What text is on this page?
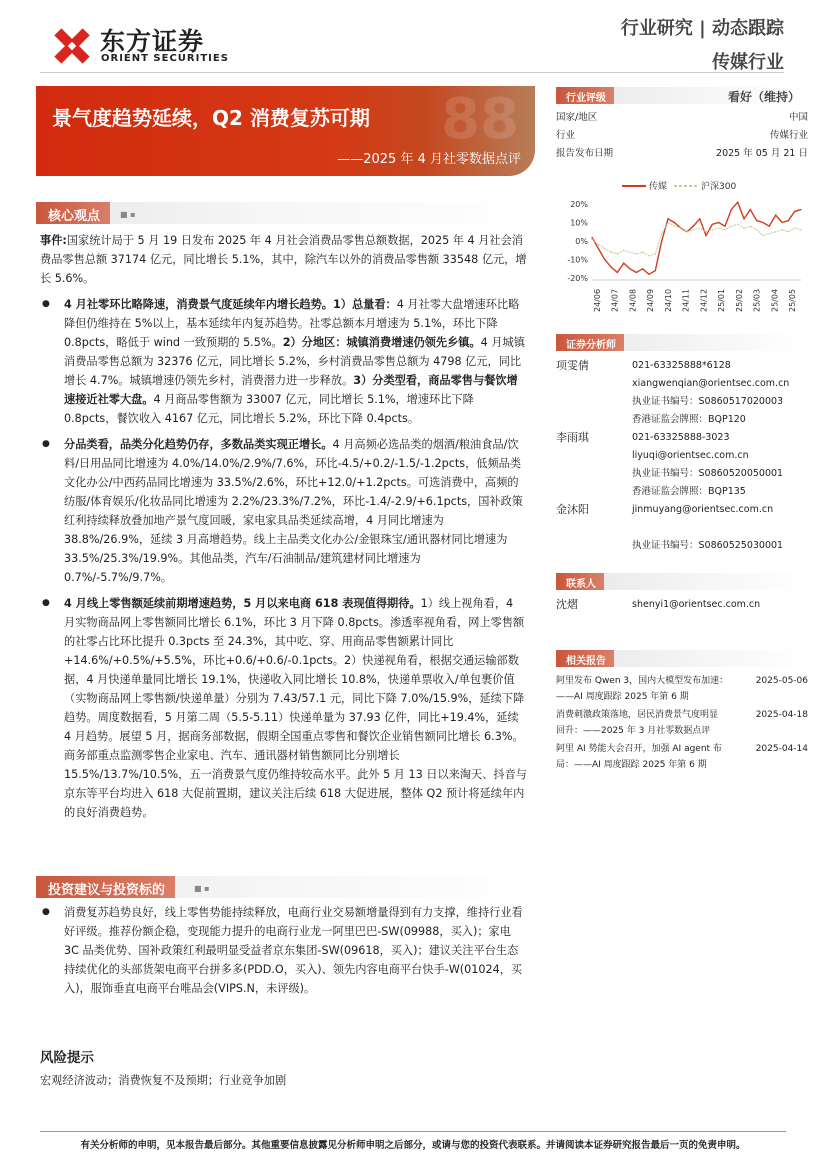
东方证券
ORIENT SECURITIES
行业研究 | 动态跟踪
传媒行业
88
景气度趋势延续，Q2 消费复苏可期
——2025 年 4 月社零数据点评
核心观点	■ ▪
事件:国家统计局于 5 月 19 日发布 2025 年 4 月社会消费品零售总额数据，2025 年 4 月社会消费品零售总额 37174 亿元，同比增长 5.1%，其中，除汽车以外的消费品零售额 33548 亿元，增长 5.6%。
● 4 月社零环比略降速，消费景气度延续年内增长趋势。1）总量看：4 月社零大盘增速环比略降但仍维持在 5%以上，基本延续年内复苏趋势。社零总额本月增速为 5.1%，环比下降 0.8pcts，略低于 wind 一致预期的 5.5%。2）分地区：城镇消费增速仍领先乡镇。4 月城镇消费品零售总额为 32376 亿元，同比增长 5.2%，乡村消费品零售总额为 4798 亿元，同比增长 4.7%。城镇增速仍领先乡村，消费潜力进一步释放。3）分类型看，商品零售与餐饮增速接近社零大盘。4 月商品零售额为 33007 亿元，同比增长 5.1%，增速环比下降 0.8pcts，餐饮收入 4167 亿元，同比增长 5.2%，环比下降 0.4pcts。
● 分品类看，品类分化趋势仍存，多数品类实现正增长。4 月高频必选品类的烟酒/粮油食品/饮料/日用品同比增速为 4.0%/14.0%/2.9%/7.6%，环比-4.5/+0.2/-1.5/-1.2pcts，低频品类文化办公/中西药品同比增速为 33.5%/2.6%，环比+12.0/+1.2pcts。可选消费中，高频的纺服/体育娱乐/化妆品同比增速为 2.2%/23.3%/7.2%，环比-1.4/-2.9/+6.1pcts，国补政策红利持续释放叠加地产景气度回暖，家电家具品类延续高增，4 月同比增速为 38.8%/26.9%，延续 3 月高增趋势。线上主品类文化办公/金银珠宝/通讯器材同比增速为 33.5%/25.3%/19.9%。其他品类，汽车/石油制品/建筑建材同比增速为 0.7%/-5.7%/9.7%。
● 4 月线上零售额延续前期增速趋势，5 月以来电商 618 表现值得期待。1）线上视角看，4 月实物商品网上零售额同比增长 6.1%，环比 3 月下降 0.8pcts。渗透率视角看，网上零售额的社零占比环比提升 0.3pcts 至 24.3%，其中吃、穿、用商品零售额累计同比+14.6%/+0.5%/+5.5%，环比+0.6/+0.6/-0.1pcts。2）快递视角看，根据交通运输部数据，4 月快递单量同比增长 19.1%，快递收入同比增长 10.8%，快递单票收入/单包裹价值（实物商品网上零售额/快递单量）分别为 7.43/57.1 元，同比下降 7.0%/15.9%，延续下降趋势。周度数据看，5 月第二周（5.5-5.11）快递单量为 37.93 亿件，同比+19.4%，延续 4 月趋势。展望 5 月，据商务部数据，假期全国重点零售和餐饮企业销售额同比增长 6.3%。商务部重点监测零售企业家电、汽车、通讯器材销售额同比分别增长 15.5%/13.7%/10.5%，五一消费景气度仍维持较高水平。此外 5 月 13 日以来淘天、抖音与京东等平台均进入 618 大促前置期，建议关注后续 618 大促进展，整体 Q2 预计将延续年内的良好消费趋势。
投资建议与投资标的	■ ▪
● 消费复苏趋势良好，线上零售势能持续释放，电商行业交易额增量得到有力支撑，维持行业看好评级。推荐份额企稳，变现能力提升的电商行业龙一阿里巴巴-SW(09988，买入)；家电 3C 品类优势、国补政策红利最明显受益者京东集团-SW(09618，买入)；建议关注平台生态持续优化的头部货架电商平台拼多多(PDD.O，买入)、领先内容电商平台快手-W(01024，买入)，服饰垂直电商平台唯品会(VIPS.N，未评级)。
风险提示
宏观经济波动；消费恢复不及预期；行业竞争加剧
行业评级	看好（维持）
国家/地区	中国
行业	传媒行业
报告发布日期	2025 年 05 月 21 日
传媒	沪深300
20%
10%
0%
-10%
-20%
24/06 24/07 24/08 24/09 24/10 24/11 24/12 25/01 25/02 25/03 25/04 25/05
证券分析师
项雯倩	021-63325888*6128
xiangwenqian@orientsec.com.cn
执业证书编号：S0860517020003
香港证监会牌照：BQP120
李雨琪	021-63325888-3023
liyuqi@orientsec.com.cn
执业证书编号：S0860520050001
香港证监会牌照：BQP135
金沐阳	jinmuyang@orientsec.com.cn
执业证书编号：S0860525030001
联系人
沈熠	shenyi1@orientsec.com.cn
相关报告
阿里发布 Qwen 3，国内大模型发布加速：	2025-05-06
——AI 周度跟踪 2025 年第 6 期
消费刺激政策落地，居民消费景气度明显	2025-04-18
回升：——2025 年 3 月社零数据点评
阿里 AI 势能大会召开，加强 AI agent 布	2025-04-14
局：——AI 周度跟踪 2025 年第 6 期
有关分析师的申明，见本报告最后部分。其他重要信息披露见分析师申明之后部分，或请与您的投资代表联系。并请阅读本证券研究报告最后一页的免责申明。
